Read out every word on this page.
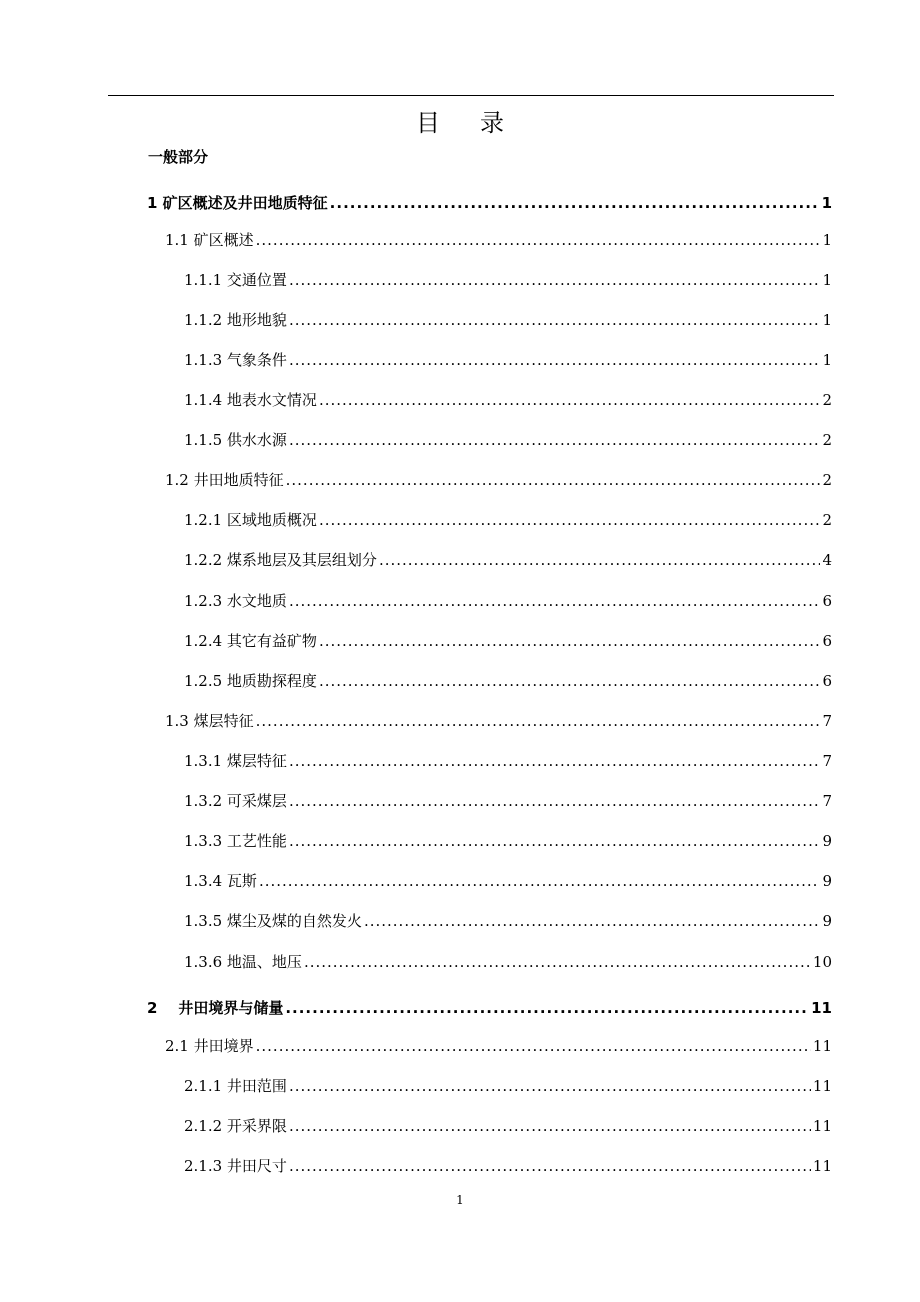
目录
一般部分
1 矿区概述及井田地质特征 .....	1
1.1 矿区概述 .....	1
1.1.1 交通位置 .....	1
1.1.2 地形地貌 .....	1
1.1.3 气象条件 .....	1
1.1.4 地表水文情况 .....	2
1.1.5 供水水源 .....	2
1.2 井田地质特征 .....	2
1.2.1 区域地质概况 .....	2
1.2.2 煤系地层及其层组划分 .....	4
1.2.3 水文地质 .....	6
1.2.4 其它有益矿物 .....	6
1.2.5 地质勘探程度 .....	6
1.3 煤层特征 .....	7
1.3.1 煤层特征 .....	7
1.3.2 可采煤层 .....	7
1.3.3 工艺性能 .....	9
1.3.4 瓦斯 .....	9
1.3.5 煤尘及煤的自然发火 .....	9
1.3.6 地温、地压 .....	10
2    井田境界与储量 .....	11
2.1 井田境界 .....	11
2.1.1 井田范围 .....	11
2.1.2 开采界限 .....	11
2.1.3 井田尺寸 .....	11
1
